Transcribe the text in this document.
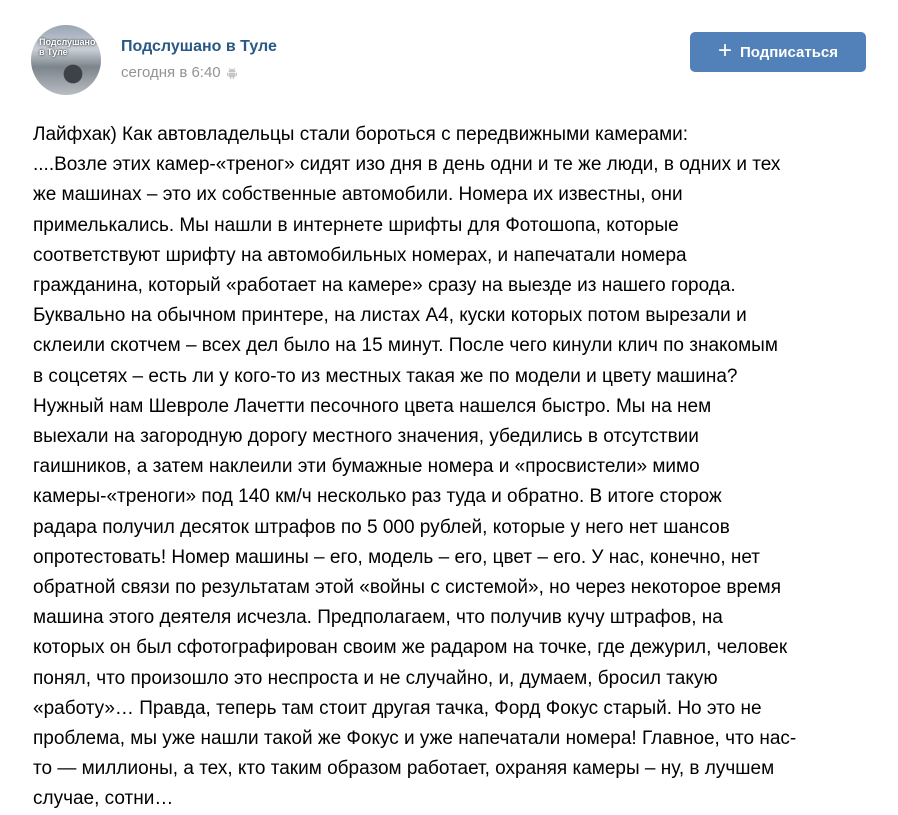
Подслушано в Туле	Подслушано в Туле
сегодня в 6:40
+ Подписаться
Лайфхак) Как автовладельцы стали бороться с передвижными камерами:
....Возле этих камер-«треног» сидят изо дня в день одни и те же люди, в одних и тех
же машинах – это их собственные автомобили. Номера их известны, они
примелькались. Мы нашли в интернете шрифты для Фотошопа, которые
соответствуют шрифту на автомобильных номерах, и напечатали номера
гражданина, который «работает на камере» сразу на выезде из нашего города.
Буквально на обычном принтере, на листах А4, куски которых потом вырезали и
склеили скотчем – всех дел было на 15 минут. После чего кинули клич по знакомым
в соцсетях – есть ли у кого-то из местных такая же по модели и цвету машина?
Нужный нам Шевроле Лачетти песочного цвета нашелся быстро. Мы на нем
выехали на загородную дорогу местного значения, убедились в отсутствии
гаишников, а затем наклеили эти бумажные номера и «просвистели» мимо
камеры-«треноги» под 140 км/ч несколько раз туда и обратно. В итоге сторож
радара получил десяток штрафов по 5 000 рублей, которые у него нет шансов
опротестовать! Номер машины – его, модель – его, цвет – его. У нас, конечно, нет
обратной связи по результатам этой «войны с системой», но через некоторое время
машина этого деятеля исчезла. Предполагаем, что получив кучу штрафов, на
которых он был сфотографирован своим же радаром на точке, где дежурил, человек
понял, что произошло это неспроста и не случайно, и, думаем, бросил такую
«работу»… Правда, теперь там стоит другая тачка, Форд Фокус старый. Но это не
проблема, мы уже нашли такой же Фокус и уже напечатали номера! Главное, что нас-
то — миллионы, а тех, кто таким образом работает, охраняя камеры – ну, в лучшем
случае, сотни…
